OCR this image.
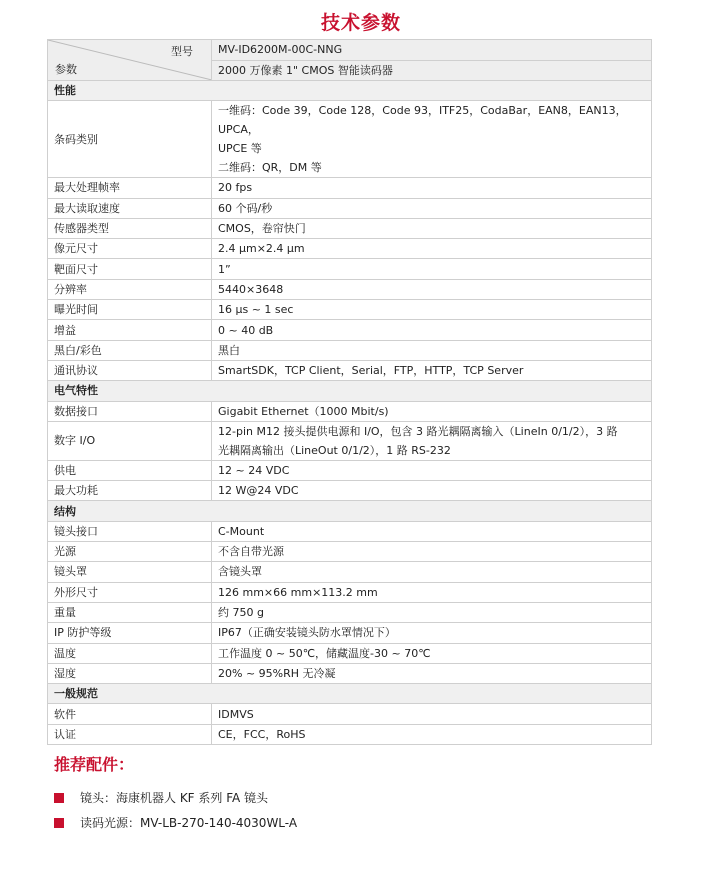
技术参数
型号
参数	MV-ID6200M-00C-NNG
	2000 万像素 1" CMOS 智能读码器
性能	
条码类别	一维码：Code 39，Code 128，Code 93，ITF25，CodaBar，EAN8，EAN13，UPCA，
UPCE 等
二维码：QR，DM 等

最大处理帧率	20 fps

最大读取速度	60 个码/秒

传感器类型	CMOS，卷帘快门

像元尺寸	2.4 μm×2.4 μm

靶面尺寸	1”

分辨率	5440×3648

曝光时间	16 μs ~ 1 sec

增益	0 ~ 40 dB

黑白/彩色	黑白

通讯协议	SmartSDK，TCP Client，Serial，FTP，HTTP，TCP Server

电气特性	
数据接口	Gigabit Ethernet（1000 Mbit/s)

数字 I/O	12-pin M12 接头提供电源和 I/O，包含 3 路光耦隔离输入（LineIn 0/1/2），3 路
光耦隔离输出（LineOut 0/1/2），1 路 RS-232

供电	12 ~ 24 VDC

最大功耗	12 W@24 VDC

结构	
镜头接口	C-Mount

光源	不含自带光源

镜头罩	含镜头罩

外形尺寸	126 mm×66 mm×113.2 mm

重量	约 750 g

IP 防护等级	IP67（正确安装镜头防水罩情况下）

温度	工作温度 0 ~ 50℃，储藏温度-30 ~ 70℃

湿度	20% ~ 95%RH 无冷凝

一般规范	
软件	IDMVS

认证	CE，FCC，RoHS
推荐配件：
镜头：海康机器人 KF 系列 FA 镜头
读码光源：MV-LB-270-140-4030WL-A
